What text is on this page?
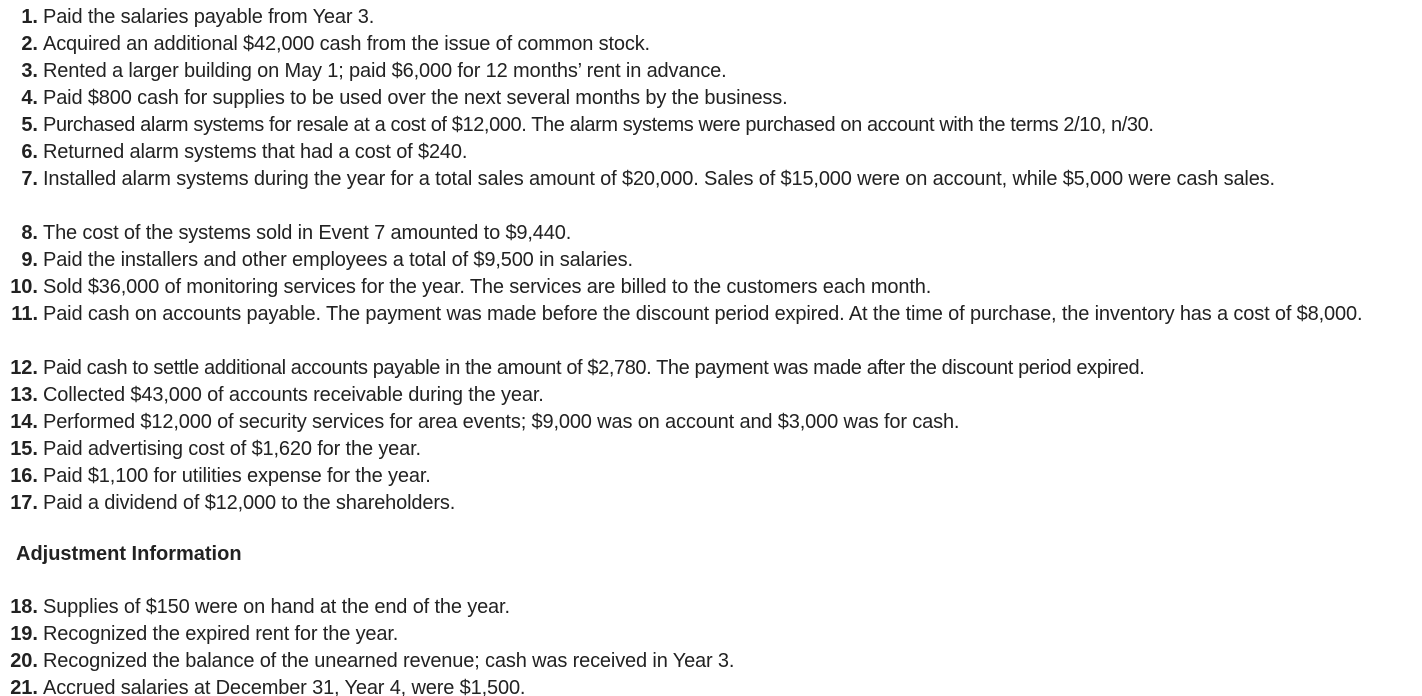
1. Paid the salaries payable from Year 3.
2. Acquired an additional $42,000 cash from the issue of common stock.
3. Rented a larger building on May 1; paid $6,000 for 12 months’ rent in advance.
4. Paid $800 cash for supplies to be used over the next several months by the business.
5. Purchased alarm systems for resale at a cost of $12,000. The alarm systems were purchased on account with the terms 2/10, n/30.
6. Returned alarm systems that had a cost of $240.
7. Installed alarm systems during the year for a total sales amount of $20,000. Sales of $15,000 were on account, while $5,000 were cash sales.
8. The cost of the systems sold in Event 7 amounted to $9,440.
9. Paid the installers and other employees a total of $9,500 in salaries.
10. Sold $36,000 of monitoring services for the year. The services are billed to the customers each month.
11. Paid cash on accounts payable. The payment was made before the discount period expired. At the time of purchase, the inventory has a cost of $8,000.
12. Paid cash to settle additional accounts payable in the amount of $2,780. The payment was made after the discount period expired.
13. Collected $43,000 of accounts receivable during the year.
14. Performed $12,000 of security services for area events; $9,000 was on account and $3,000 was for cash.
15. Paid advertising cost of $1,620 for the year.
16. Paid $1,100 for utilities expense for the year.
17. Paid a dividend of $12,000 to the shareholders.
Adjustment Information
18. Supplies of $150 were on hand at the end of the year.
19. Recognized the expired rent for the year.
20. Recognized the balance of the unearned revenue; cash was received in Year 3.
21. Accrued salaries at December 31, Year 4, were $1,500.
